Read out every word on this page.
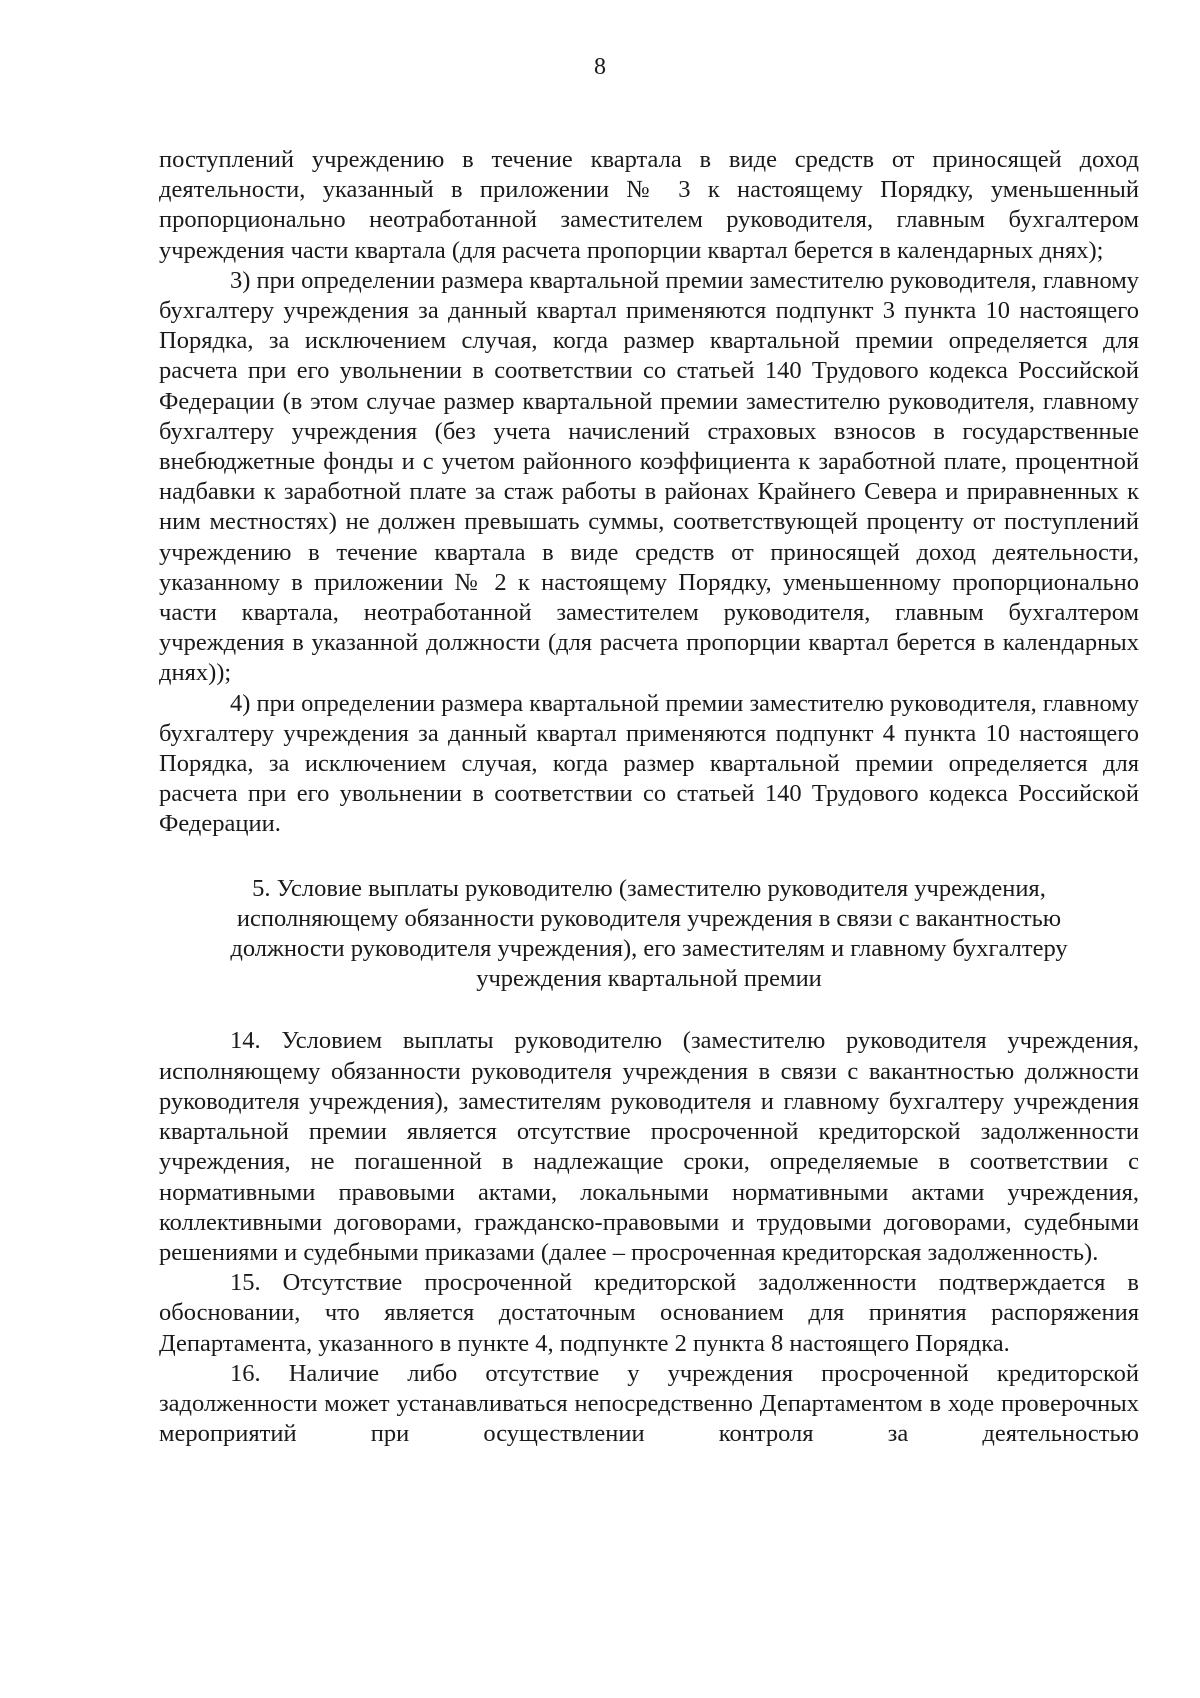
8

поступлений учреждению в течение квартала в виде средств от приносящей доход деятельности, указанный в приложении № 3 к настоящему Порядку, уменьшенный пропорционально неотработанной заместителем руководителя, главным бухгалтером учреждения части квартала (для расчета пропорции квартал берется в календарных днях);

3) при определении размера квартальной премии заместителю руководителя, главному бухгалтеру учреждения за данный квартал применяются подпункт 3 пункта 10 настоящего Порядка, за исключением случая, когда размер квартальной премии определяется для расчета при его увольнении в соответствии со статьей 140 Трудового кодекса Российской Федерации (в этом случае размер квартальной премии заместителю руководителя, главному бухгалтеру учреждения (без учета начислений страховых взносов в государственные внебюджетные фонды и с учетом районного коэффициента к заработной плате, процентной надбавки к заработной плате за стаж работы в районах Крайнего Севера и приравненных к ним местностях) не должен превышать суммы, соответствующей проценту от поступлений учреждению в течение квартала в виде средств от приносящей доход деятельности, указанному в приложении № 2 к настоящему Порядку, уменьшенному пропорционально части квартала, неотработанной заместителем руководителя, главным бухгалтером учреждения в указанной должности (для расчета пропорции квартал берется в календарных днях));

4) при определении размера квартальной премии заместителю руководителя, главному бухгалтеру учреждения за данный квартал применяются подпункт 4 пункта 10 настоящего Порядка, за исключением случая, когда размер квартальной премии определяется для расчета при его увольнении в соответствии со статьей 140 Трудового кодекса Российской Федерации.

5. Условие выплаты руководителю (заместителю руководителя учреждения, исполняющему обязанности руководителя учреждения в связи с вакантностью должности руководителя учреждения), его заместителям и главному бухгалтеру учреждения квартальной премии

14. Условием выплаты руководителю (заместителю руководителя учреждения, исполняющему обязанности руководителя учреждения в связи с вакантностью должности руководителя учреждения), заместителям руководителя и главному бухгалтеру учреждения квартальной премии является отсутствие просроченной кредиторской задолженности учреждения, не погашенной в надлежащие сроки, определяемые в соответствии с нормативными правовыми актами, локальными нормативными актами учреждения, коллективными договорами, гражданско-правовыми и трудовыми договорами, судебными решениями и судебными приказами (далее – просроченная кредиторская задолженность).

15. Отсутствие просроченной кредиторской задолженности подтверждается в обосновании, что является достаточным основанием для принятия распоряжения Департамента, указанного в пункте 4, подпункте 2 пункта 8 настоящего Порядка.

16. Наличие либо отсутствие у учреждения просроченной кредиторской задолженности может устанавливаться непосредственно Департаментом в ходе проверочных мероприятий при осуществлении контроля за деятельностью
